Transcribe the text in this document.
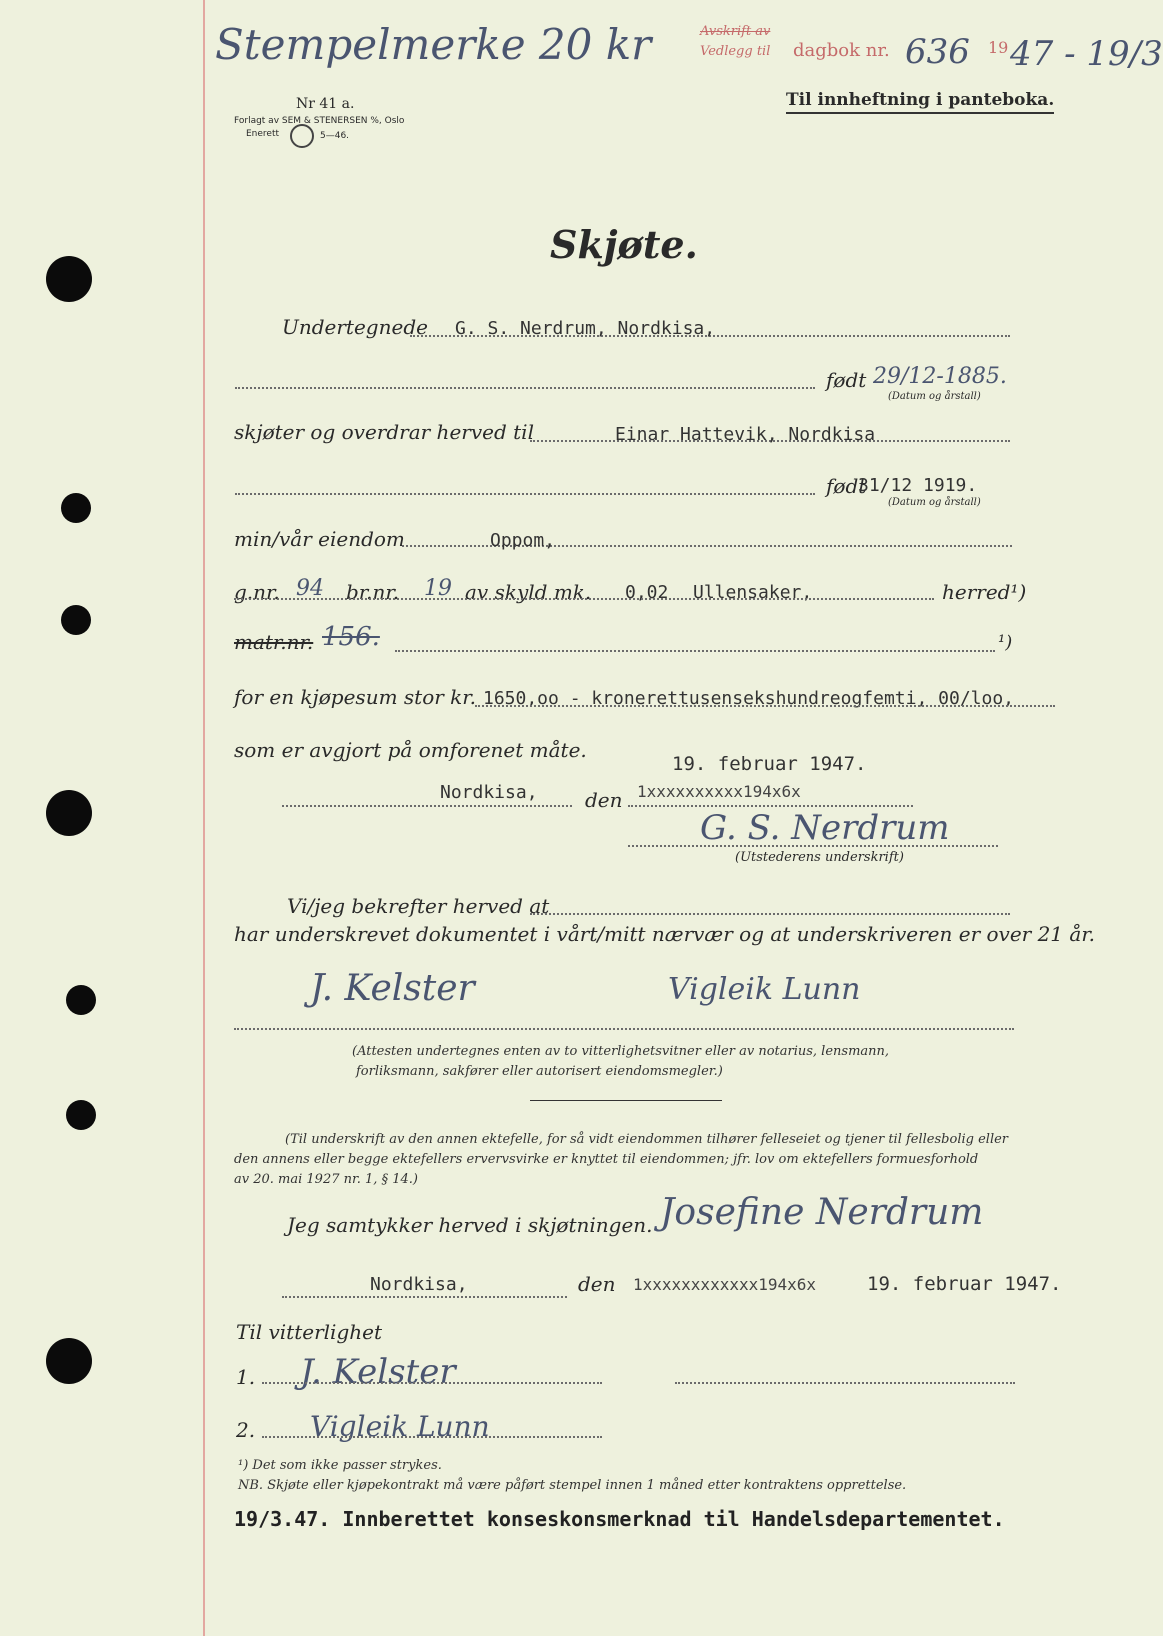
Stempelmerke 20 kr	Avskrift av
Vedlegg til dagbok nr. 636 19 47 - 19/3
Til innheftning i panteboka.
Nr 41 a.
Forlagt av SEM & STENERSEN %, Oslo
Enerett	5—46.
Skjøte.
Undertegnede G. S. Nerdrum, Nordkisa,
født 29/12-1885.
(Datum og årstall)
skjøter og overdrar herved til	Einar Hattevik, Nordkisa
født
31/12 1919.
(Datum og årstall)
min/vår eiendom	Oppom,
g.nr. 94 br.nr. 19 av skyld mk. 0,02 Ullensaker,	herred¹)
matr.nr. 156.	¹)
for en kjøpesum stor kr. 1650,oo - kronerettusensekshundreogfemti, 00/loo,
som er avgjort på omforenet måte.
19. februar 1947.
Nordkisa, den 1xxxxxxxxxx194x6x
G. S. Nerdrum
(Utstederens underskrift)
Vi/jeg bekrefter herved at
har underskrevet dokumentet i vårt/mitt nærvær og at underskriveren er over 21 år.
J. Kelster	Vigleik Lunn
(Attesten undertegnes enten av to vitterlighetsvitner eller av notarius, lensmann,
forliksmann, sakfører eller autorisert eiendomsmegler.)
(Til underskrift av den annen ektefelle, for så vidt eiendommen tilhører felleseiet og tjener til fellesbolig eller
den annens eller begge ektefellers ervervsvirke er knyttet til eiendommen; jfr. lov om ektefellers formuesforhold
av 20. mai 1927 nr. 1, § 14.)
Jeg samtykker herved i skjøtningen. Josefine Nerdrum
Nordkisa,	den 1xxxxxxxxxxxx194x6x	19. februar 1947.
Til vitterlighet
1. J. Kelster
2. Vigleik Lunn
¹) Det som ikke passer strykes.
NB. Skjøte eller kjøpekontrakt må være påført stempel innen 1 måned etter kontraktens opprettelse.
19/3.47. Innberettet konseskonsmerknad til Handelsdepartementet.
